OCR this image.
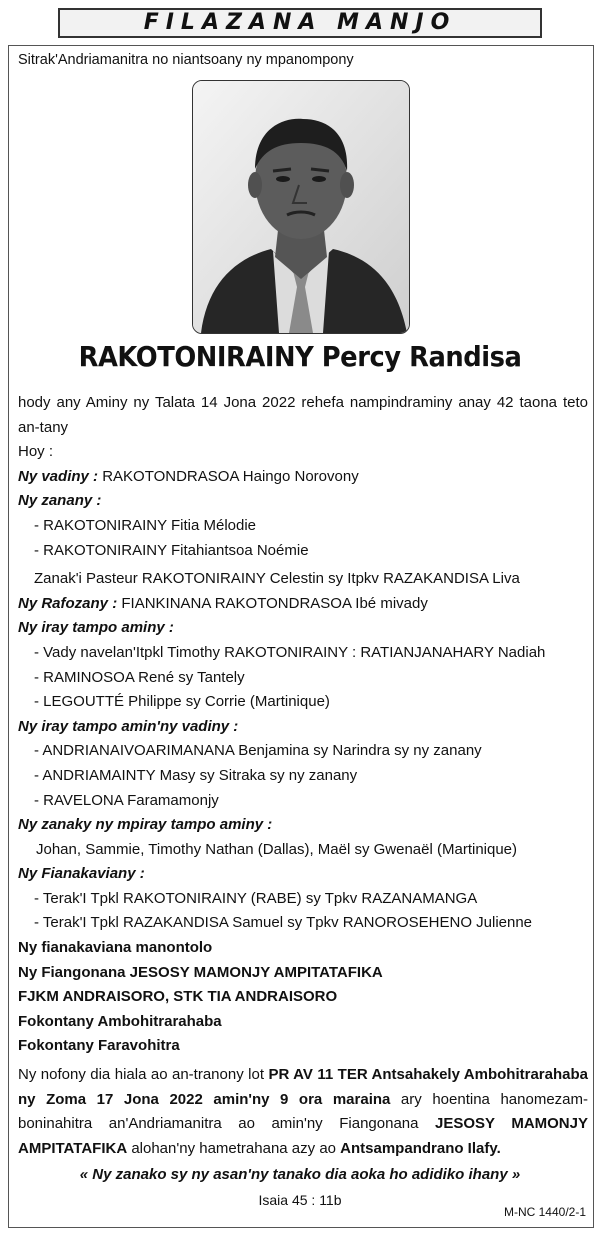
FILAZANA MANJO
Sitrak'Andriamanitra no niantsoany ny mpanompony
RAKOTONIRAINY Percy Randisa

hody any Aminy ny Talata 14 Jona 2022 rehefa nampindraminy anay 42 taona teto an-tany

Hoy :

Ny vadiny : RAKOTONDRASOA Haingo Norovony

Ny zanany :

- RAKOTONIRAINY Fitia Mélodie

- RAKOTONIRAINY Fitahiantsoa Noémie

Zanak'i Pasteur RAKOTONIRAINY Celestin sy Itpkv RAZAKANDISA Liva

Ny Rafozany : FIANKINANA RAKOTONDRASOA Ibé mivady

Ny iray tampo aminy :

- Vady navelan'Itpkl Timothy RAKOTONIRAINY : RATIANJANAHARY Nadiah

- RAMINOSOA René sy Tantely

- LEGOUTTÉ Philippe sy Corrie (Martinique)

Ny iray tampo amin'ny vadiny :

- ANDRIANAIVOARIMANANA Benjamina sy Narindra sy ny zanany

- ANDRIAMAINTY Masy sy Sitraka sy ny zanany

- RAVELONA Faramamonjy

Ny zanaky ny mpiray tampo aminy :

Johan, Sammie, Timothy Nathan (Dallas), Maël sy Gwenaël (Martinique)

Ny Fianakaviany :

- Terak'I Tpkl RAKOTONIRAINY (RABE) sy Tpkv RAZANAMANGA

- Terak'I Tpkl RAZAKANDISA Samuel sy Tpkv RANOROSEHENO Julienne

Ny fianakaviana manontolo

Ny Fiangonana JESOSY MAMONJY AMPITATAFIKA

FJKM ANDRAISORO, STK TIA ANDRAISORO

Fokontany Ambohitrarahaba

Fokontany Faravohitra

Ny nofony dia hiala ao an-tranony lot PR AV 11 TER Antsahakely Ambohitrarahaba ny Zoma 17 Jona 2022 amin'ny 9 ora maraina ary hoentina hanomezam-boninahitra an'Andriamanitra ao amin'ny Fiangonana JESOSY MAMONJY AMPITATAFIKA alohan'ny hametrahana azy ao Antsampandrano Ilafy.

« Ny zanako sy ny asan'ny tanako dia aoka ho adidiko ihany »
Isaia 45 : 11b
M-NC 1440/2-1
